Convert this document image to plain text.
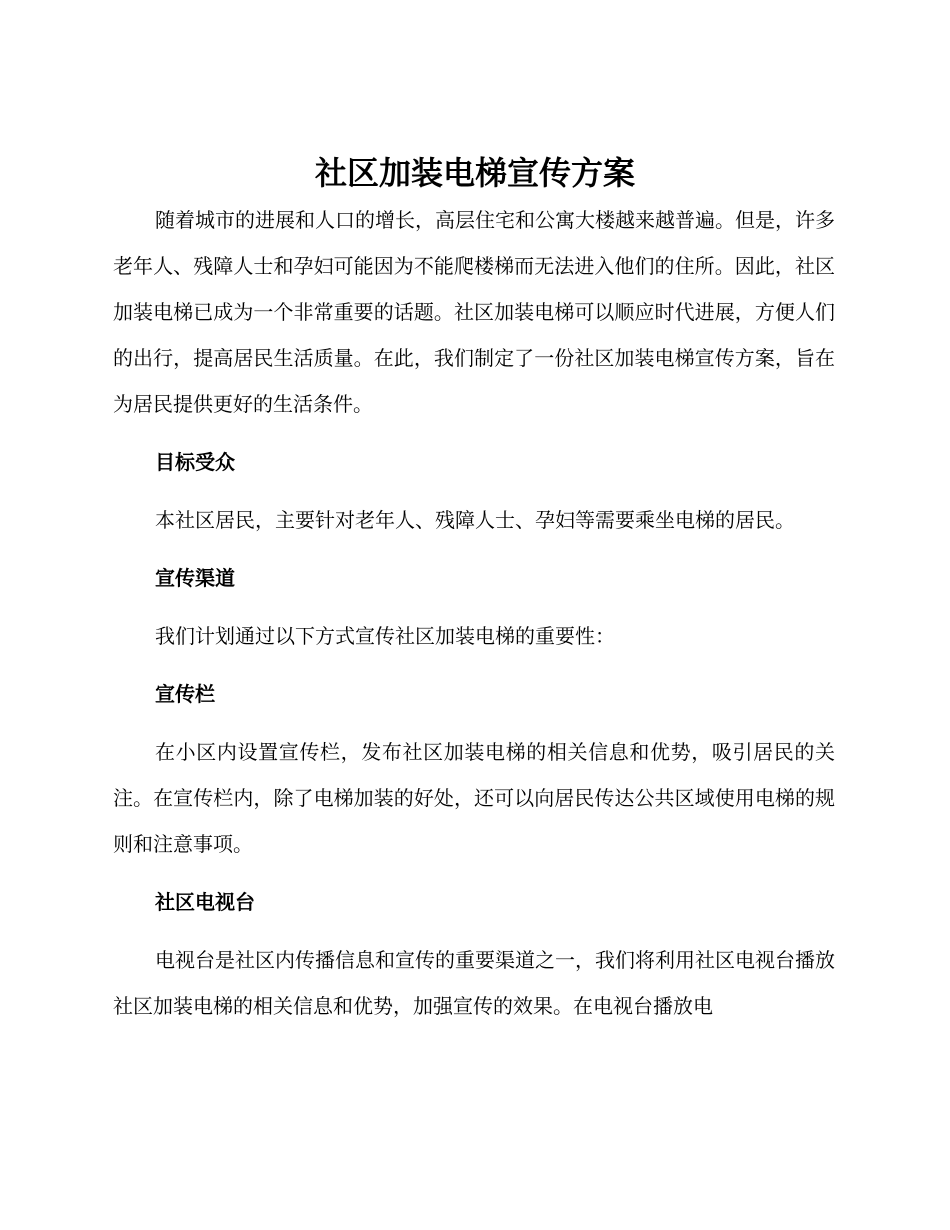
社区加装电梯宣传方案

随着城市的进展和人口的增长，高层住宅和公寓大楼越来越普遍。但是，许多老年人、残障人士和孕妇可能因为不能爬楼梯而无法进入他们的住所。因此，社区加装电梯已成为一个非常重要的话题。社区加装电梯可以顺应时代进展，方便人们的出行，提高居民生活质量。在此，我们制定了一份社区加装电梯宣传方案，旨在为居民提供更好的生活条件。

目标受众

本社区居民，主要针对老年人、残障人士、孕妇等需要乘坐电梯的居民。

宣传渠道

我们计划通过以下方式宣传社区加装电梯的重要性：

宣传栏

在小区内设置宣传栏，发布社区加装电梯的相关信息和优势，吸引居民的关注。在宣传栏内，除了电梯加装的好处，还可以向居民传达公共区域使用电梯的规则和注意事项。

社区电视台

电视台是社区内传播信息和宣传的重要渠道之一，我们将利用社区电视台播放社区加装电梯的相关信息和优势，加强宣传的效果。在电视台播放电
